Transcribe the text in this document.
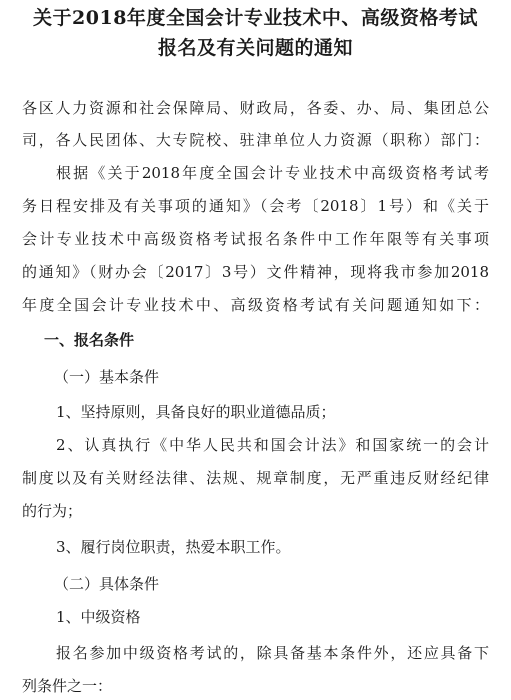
关于2018年度全国会计专业技术中、高级资格考试
报名及有关问题的通知
各区人力资源和社会保障局、财政局，各委、办、局、集团总公
司，各人民团体、大专院校、驻津单位人力资源（职称）部门：
根据《关于2018年度全国会计专业技术中高级资格考试考
务日程安排及有关事项的通知》（会考〔2018〕1号）和《关于
会计专业技术中高级资格考试报名条件中工作年限等有关事项
的通知》（财办会〔2017〕3号）文件精神，现将我市参加2018
年度全国会计专业技术中、高级资格考试有关问题通知如下：
一、报名条件
（一）基本条件
1、坚持原则，具备良好的职业道德品质；
2、认真执行《中华人民共和国会计法》和国家统一的会计
制度以及有关财经法律、法规、规章制度，无严重违反财经纪律
的行为；
3、履行岗位职责，热爱本职工作。
（二）具体条件
1、中级资格
报名参加中级资格考试的，除具备基本条件外，还应具备下
列条件之一：
